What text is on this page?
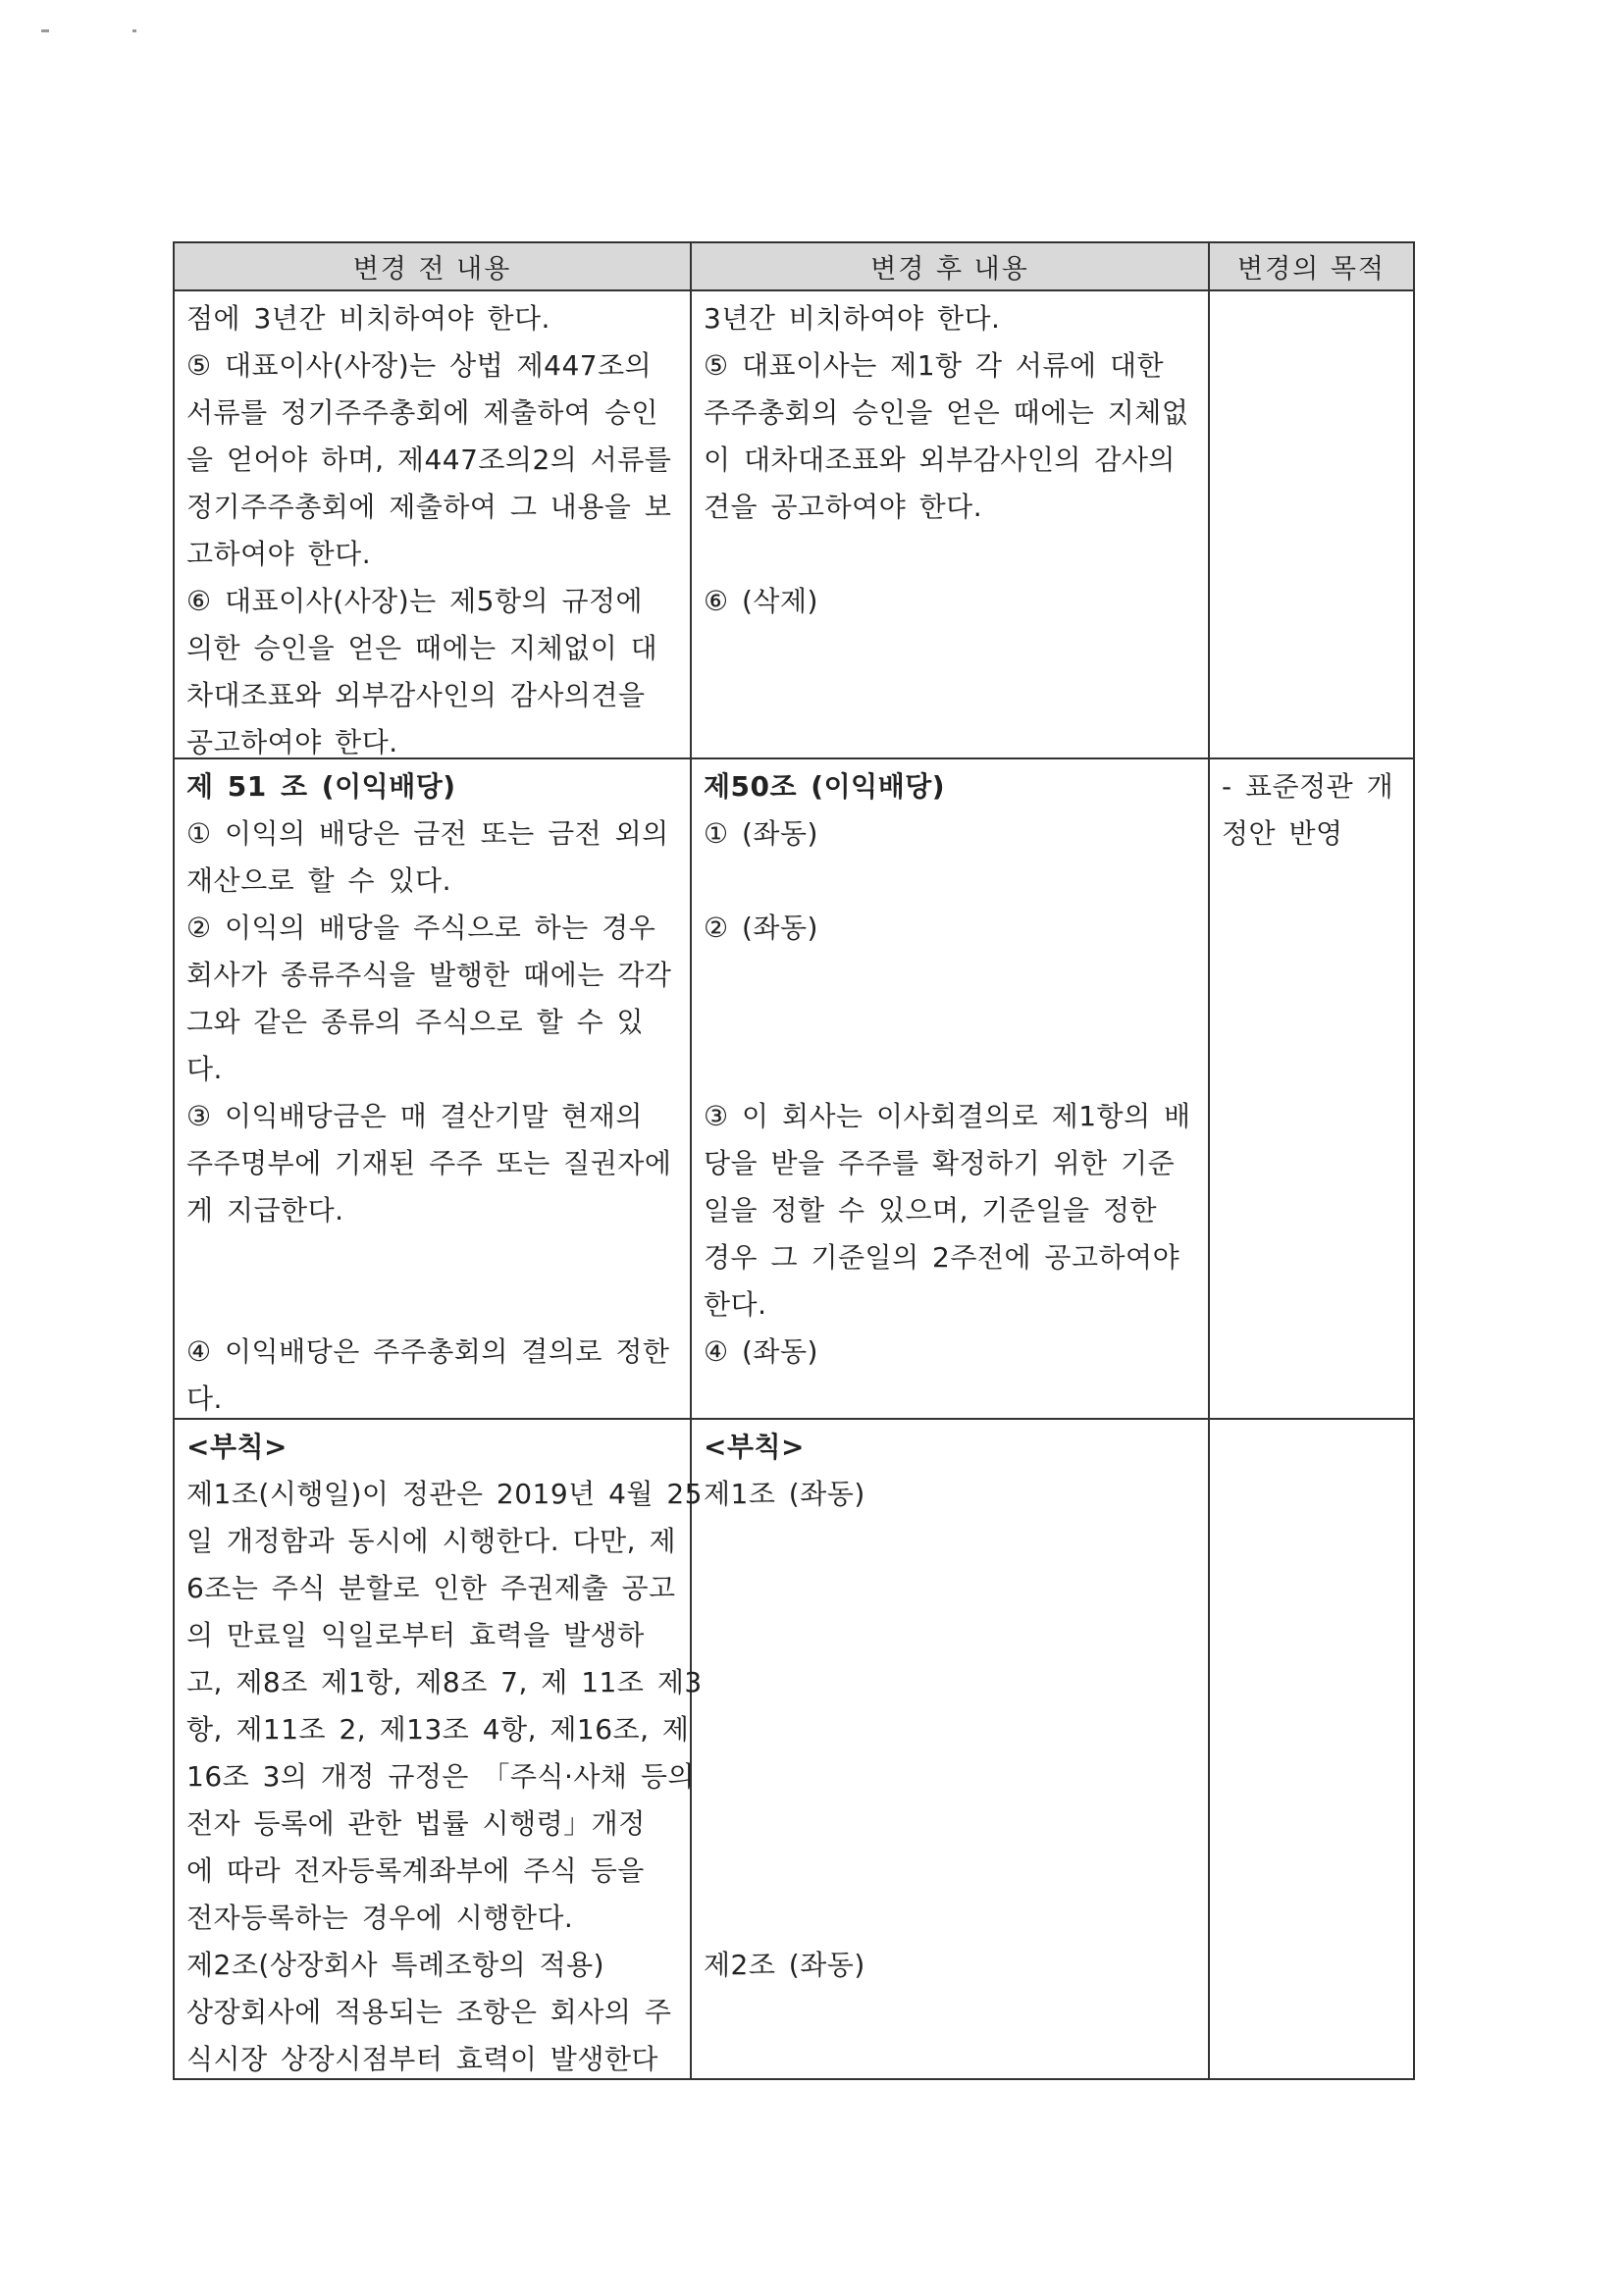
변경 전 내용	변경 후 내용	변경의 목적
점에 3년간 비치하여야 한다.
⑤ 대표이사(사장)는 상법 제447조의
서류를 정기주주총회에 제출하여 승인
을 얻어야 하며, 제447조의2의 서류를
정기주주총회에 제출하여 그 내용을 보
고하여야 한다.
⑥ 대표이사(사장)는 제5항의 규정에
의한 승인을 얻은 때에는 지체없이 대
차대조표와 외부감사인의 감사의견을
공고하여야 한다.
3년간 비치하여야 한다.
⑤ 대표이사는 제1항 각 서류에 대한
주주총회의 승인을 얻은 때에는 지체없
이 대차대조표와 외부감사인의 감사의
견을 공고하여야 한다.
⑥ (삭제)
제 51 조 (이익배당)
① 이익의 배당은 금전 또는 금전 외의
재산으로 할 수 있다.
② 이익의 배당을 주식으로 하는 경우
회사가 종류주식을 발행한 때에는 각각
그와 같은 종류의 주식으로 할 수 있
다.
③ 이익배당금은 매 결산기말 현재의
주주명부에 기재된 주주 또는 질권자에
게 지급한다.
④ 이익배당은 주주총회의 결의로 정한
다.
제50조 (이익배당)
① (좌동)
② (좌동)
③ 이 회사는 이사회결의로 제1항의 배
당을 받을 주주를 확정하기 위한 기준
일을 정할 수 있으며, 기준일을 정한
경우 그 기준일의 2주전에 공고하여야
한다.
④ (좌동)
- 표준정관 개
정안 반영
<부칙>
제1조(시행일)이 정관은 2019년 4월 25
일 개정함과 동시에 시행한다. 다만, 제
6조는 주식 분할로 인한 주권제출 공고
의 만료일 익일로부터 효력을 발생하
고, 제8조 제1항, 제8조 7, 제 11조 제3
항, 제11조 2, 제13조 4항, 제16조, 제
16조 3의 개정 규정은 「주식·사채 등의
전자 등록에 관한 법률 시행령」개정
에 따라 전자등록계좌부에 주식 등을
전자등록하는 경우에 시행한다.
제2조(상장회사 특례조항의 적용)
상장회사에 적용되는 조항은 회사의 주
식시장 상장시점부터 효력이 발생한다
<부칙>
제1조 (좌동)
제2조 (좌동)
